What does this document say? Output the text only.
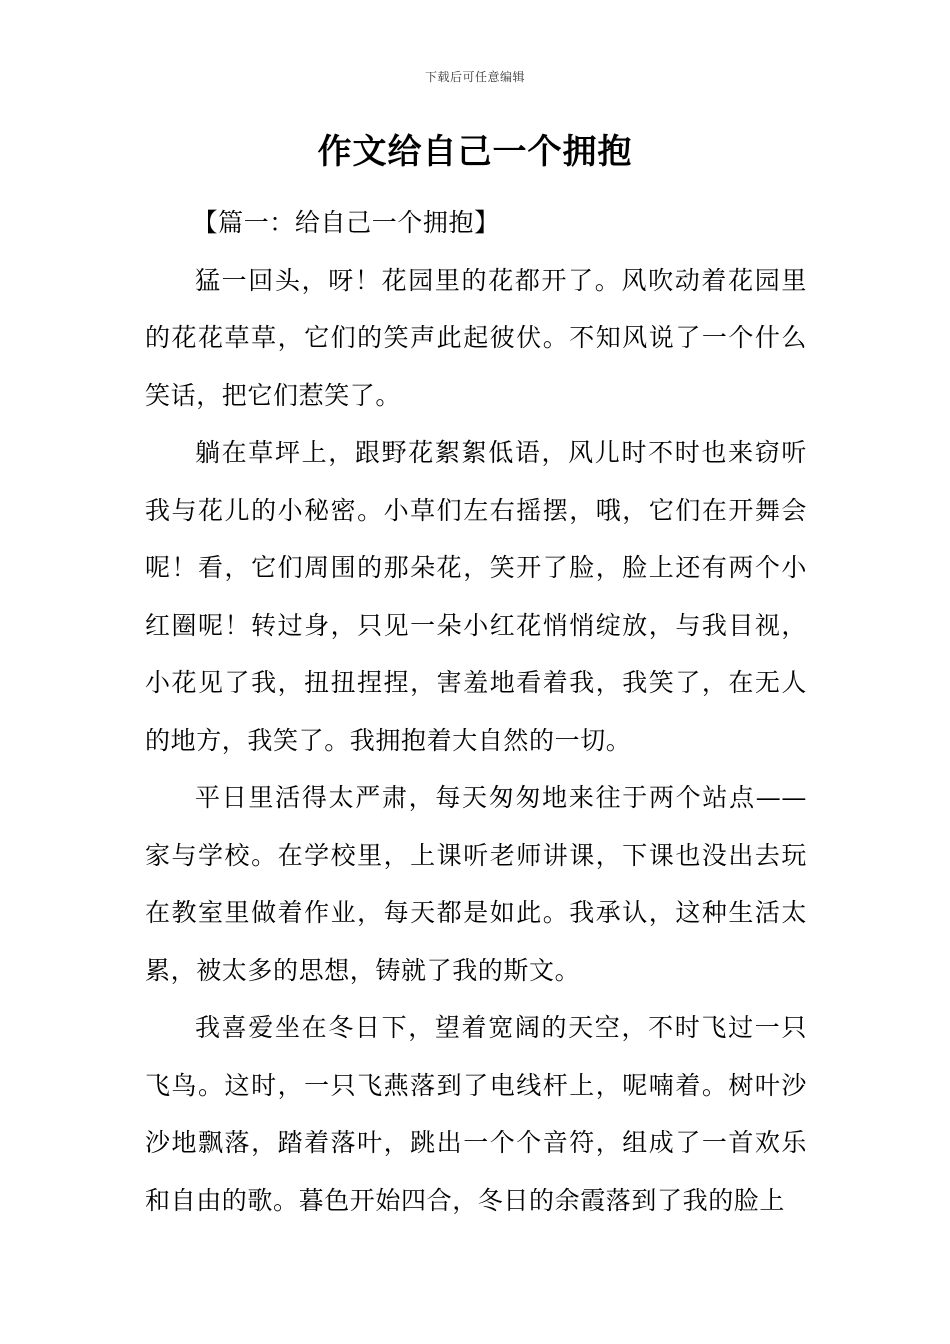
下载后可任意编辑
作文给自己一个拥抱

【篇一：给自己一个拥抱】

猛一回头，呀！花园里的花都开了。风吹动着花园里的花花草草，它们的笑声此起彼伏。不知风说了一个什么笑话，把它们惹笑了。

躺在草坪上，跟野花絮絮低语，风儿时不时也来窃听我与花儿的小秘密。小草们左右摇摆，哦，它们在开舞会呢！看，它们周围的那朵花，笑开了脸，脸上还有两个小红圈呢！转过身，只见一朵小红花悄悄绽放，与我目视，小花见了我，扭扭捏捏，害羞地看着我，我笑了，在无人的地方，我笑了。我拥抱着大自然的一切。

平日里活得太严肃，每天匆匆地来往于两个站点——家与学校。在学校里，上课听老师讲课，下课也没出去玩在教室里做着作业，每天都是如此。我承认，这种生活太累，被太多的思想，铸就了我的斯文。

我喜爱坐在冬日下，望着宽阔的天空，不时飞过一只飞鸟。这时，一只飞燕落到了电线杆上，呢喃着。树叶沙沙地飘落，踏着落叶，跳出一个个音符，组成了一首欢乐和自由的歌。暮色开始四合，冬日的余霞落到了我的脸上
